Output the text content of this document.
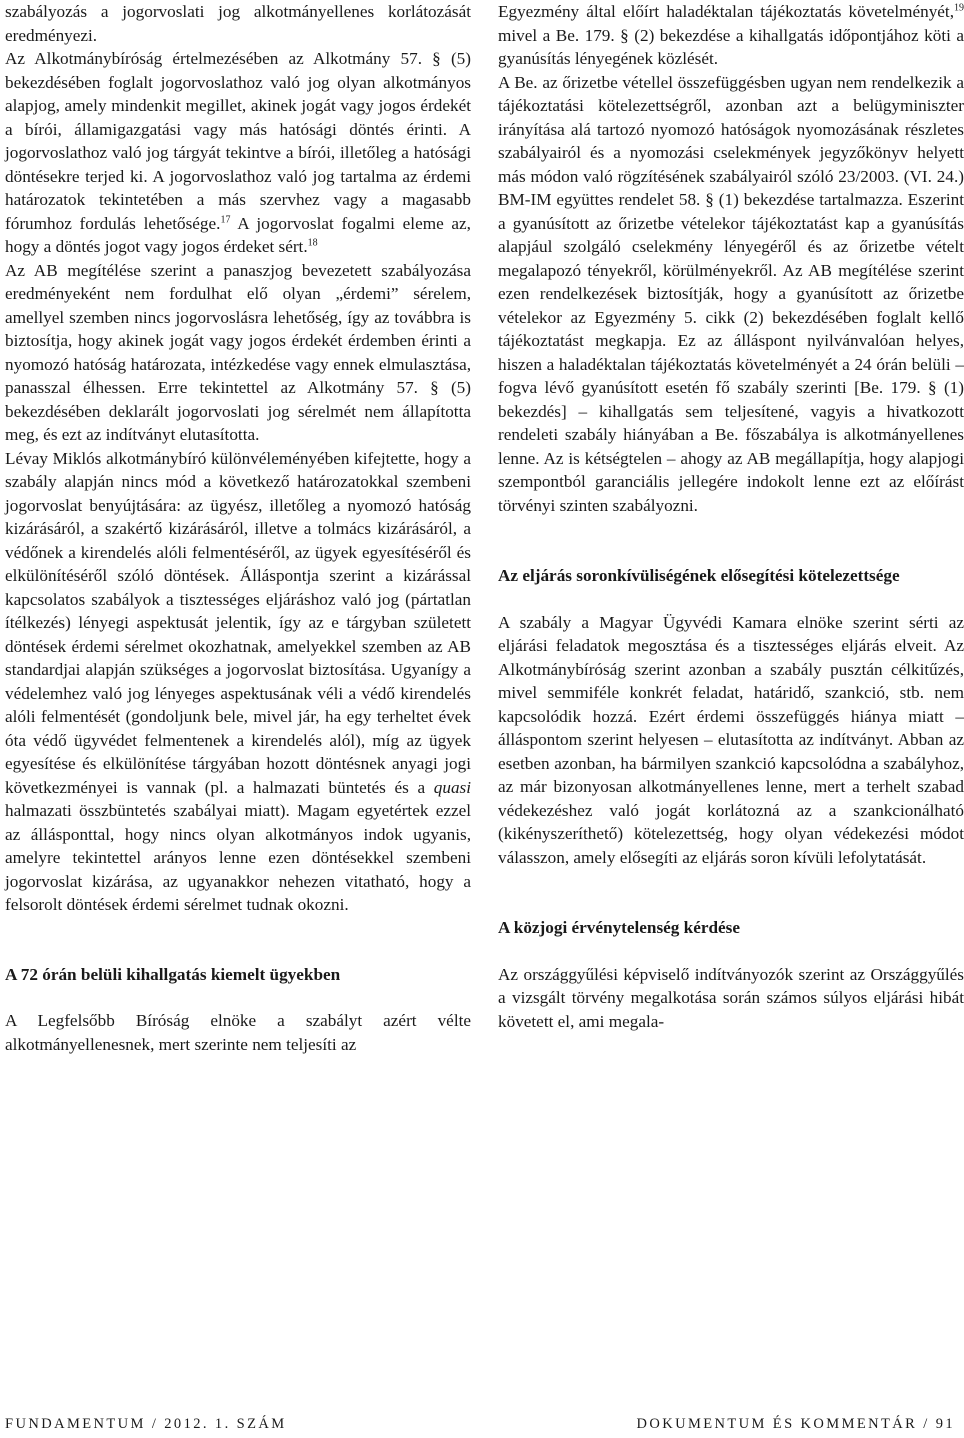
szabályozás a jogorvoslati jog alkotmányellenes korlátozását eredményezi.

Az Alkotmánybíróság értelmezésében az Alkotmány 57. § (5) bekezdésében foglalt jogorvoslathoz való jog olyan alkotmányos alapjog, amely mindenkit megillet, akinek jogát vagy jogos érdekét a bírói, államigazgatási vagy más hatósági döntés érinti. A jogorvoslathoz való jog tárgyát tekintve a bírói, illetőleg a hatósági döntésekre terjed ki. A jogorvoslathoz való jog tartalma az érdemi határozatok tekintetében a más szervhez vagy a magasabb fórumhoz fordulás lehetősége.$^{17}$ A jogorvoslat fogalmi eleme az, hogy a döntés jogot vagy jogos érdeket sért.$^{18}$

Az AB megítélése szerint a panaszjog bevezetett szabályozása eredményeként nem fordulhat elő olyan „érdemi” sérelem, amellyel szemben nincs jogorvoslásra lehetőség, így az továbbra is biztosítja, hogy akinek jogát vagy jogos érdekét érdemben érinti a nyomozó hatóság határozata, intézkedése vagy ennek elmulasztása, panasszal élhessen. Erre tekintettel az Alkotmány 57. § (5) bekezdésében deklarált jogorvoslati jog sérelmét nem állapította meg, és ezt az indítványt elutasította.

Lévay Miklós alkotmánybíró különvéleményében kifejtette, hogy a szabály alapján nincs mód a következő határozatokkal szembeni jogorvoslat benyújtására: az ügyész, illetőleg a nyomozó hatóság kizárásáról, a szakértő kizárásáról, illetve a tolmács kizárásáról, a védőnek a kirendelés alóli felmentéséről, az ügyek egyesítéséről és elkülönítéséről szóló döntések. Álláspontja szerint a kizárással kapcsolatos szabályok a tisztességes eljáráshoz való jog (pártatlan ítélkezés) lényegi aspektusát jelentik, így az e tárgyban született döntések érdemi sérelmet okozhatnak, amelyekkel szemben az AB standardjai alapján szükséges a jogorvoslat biztosítása. Ugyanígy a védelemhez való jog lényeges aspektusának véli a védő kirendelés alóli felmentését (gondoljunk bele, mivel jár, ha egy terheltet évek óta védő ügyvédet felmentenek a kirendelés alól), míg az ügyek egyesítése és elkülönítése tárgyában hozott döntésnek anyagi jogi következményei is vannak (pl. a halmazati büntetés és a quasi halmazati összbüntetés szabályai miatt). Magam egyetértek ezzel az állásponttal, hogy nincs olyan alkotmányos indok ugyanis, amelyre tekintettel arányos lenne ezen döntésekkel szembeni jogorvoslat kizárása, az ugyanakkor nehezen vitatható, hogy a felsorolt döntések érdemi sérelmet tudnak okozni.

A 72 órán belüli kihallgatás kiemelt ügyekben

A Legfelsőbb Bíróság elnöke a szabályt azért vélte alkotmányellenesnek, mert szerinte nem teljesíti az

Egyezmény által előírt haladéktalan tájékoztatás követelményét,$^{19}$ mivel a Be. 179. § (2) bekezdése a kihallgatás időpontjához köti a gyanúsítás lényegének közlését.

A Be. az őrizetbe vétellel összefüggésben ugyan nem rendelkezik a tájékoztatási kötelezettségről, azonban azt a belügyminiszter irányítása alá tartozó nyomozó hatóságok nyomozásának részletes szabályairól és a nyomozási cselekmények jegyzőkönyv helyett más módon való rögzítésének szabályairól szóló 23/2003. (VI. 24.) BM-IM együttes rendelet 58. § (1) bekezdése tartalmazza. Eszerint a gyanúsított az őrizetbe vételekor tájékoztatást kap a gyanúsítás alapjául szolgáló cselekmény lényegéről és az őrizetbe vételt megalapozó tényekről, körülményekről. Az AB megítélése szerint ezen rendelkezések biztosítják, hogy a gyanúsított az őrizetbe vételekor az Egyezmény 5. cikk (2) bekezdésében foglalt kellő tájékoztatást megkapja. Ez az álláspont nyilvánvalóan helyes, hiszen a haladéktalan tájékoztatás követelményét a 24 órán belüli – fogva lévő gyanúsított esetén fő szabály szerinti [Be. 179. § (1) bekezdés] – kihallgatás sem teljesítené, vagyis a hivatkozott rendeleti szabály hiányában a Be. főszabálya is alkotmányellenes lenne. Az is kétségtelen – ahogy az AB megállapítja, hogy alapjogi szempontból garanciális jellegére indokolt lenne ezt az előírást törvényi szinten szabályozni.

Az eljárás soronkívüliségének elősegítési kötelezettsége

A szabály a Magyar Ügyvédi Kamara elnöke szerint sérti az eljárási feladatok megosztása és a tisztességes eljárás elveit. Az Alkotmánybíróság szerint azonban a szabály pusztán célkitűzés, mivel semmiféle konkrét feladat, határidő, szankció, stb. nem kapcsolódik hozzá. Ezért érdemi összefüggés hiánya miatt – álláspontom szerint helyesen – elutasította az indítványt. Abban az esetben azonban, ha bármilyen szankció kapcsolódna a szabályhoz, az már bizonyosan alkotmányellenes lenne, mert a terhelt szabad védekezéshez való jogát korlátozná az a szankcionálható (kikényszeríthető) kötelezettség, hogy olyan védekezési módot válasszon, amely elősegíti az eljárás soron kívüli lefolytatását.

A közjogi érvénytelenség kérdése

Az országgyűlési képviselő indítványozók szerint az Országgyűlés a vizsgált törvény megalkotása során számos súlyos eljárási hibát követett el, ami megala-

FUNDAMENTUM / 2012. 1. SZÁM	DOKUMENTUM ÉS KOMMENTÁR / 91
